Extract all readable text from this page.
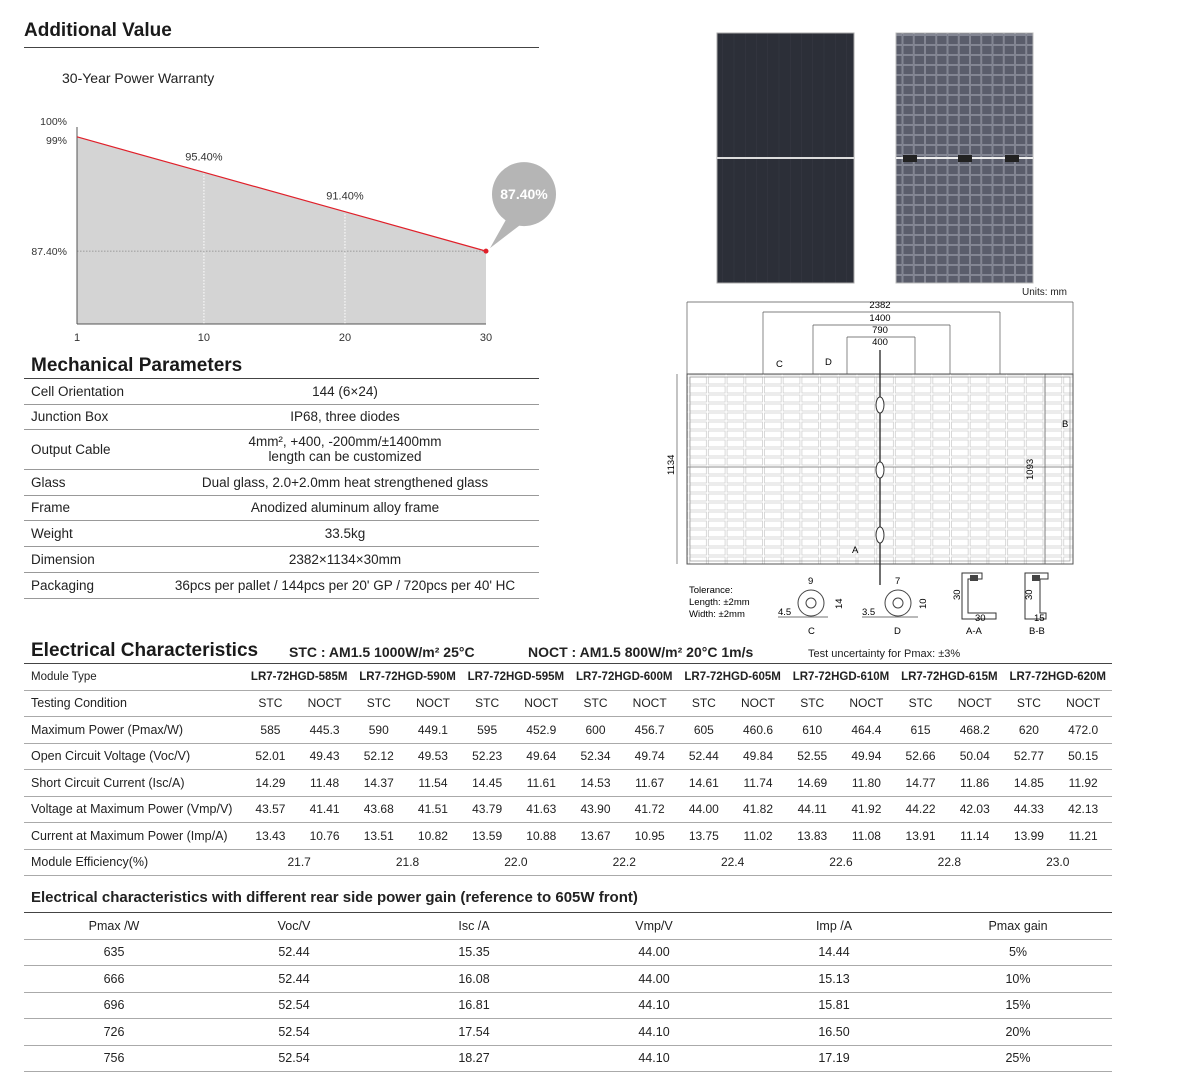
Additional Value
30-Year Power Warranty
87.40%
1	10	20	30
100%
99%
87.40%
95.40%
91.40%
Mechanical Parameters
Cell Orientation	144 (6×24)
Junction Box	IP68, three diodes
Output Cable	4mm², +400, -200mm/±1400mm
length can be customized
Glass	Dual glass, 2.0+2.0mm heat strengthened glass
Frame	Anodized aluminum alloy frame
Weight	33.5kg
Dimension	2382×1134×30mm
Packaging	36pcs per pallet / 144pcs per 20' GP / 720pcs per 40' HC
Units: mm
2382
1400
790
400
1134	1093
B
C	D
A
Tolerance:
Length: ±2mm
Width: ±2mm
9
4.5
14
C
7
3.5
10
D
30
30
A-A
30
15
B-B
Electrical Characteristics STC : AM1.5 1000W/m² 25°C	NOCT : AM1.5 800W/m² 20°C 1m/s	Test uncertainty for Pmax: ±3%
Module Type	LR7-72HGD-585M		LR7-72HGD-590M		LR7-72HGD-595M		LR7-72HGD-600M		LR7-72HGD-605M		LR7-72HGD-610M		LR7-72HGD-615M		LR7-72HGD-620M	
Testing Condition	STC	NOCT	STC	NOCT	STC	NOCT	STC	NOCT	STC	NOCT	STC	NOCT	STC	NOCT	STC	NOCT
Maximum Power (Pmax/W)	585	445.3	590	449.1	595	452.9	600	456.7	605	460.6	610	464.4	615	468.2	620	472.0
Open Circuit Voltage (Voc/V)	52.01	49.43	52.12	49.53	52.23	49.64	52.34	49.74	52.44	49.84	52.55	49.94	52.66	50.04	52.77	50.15
Short Circuit Current (Isc/A)	14.29	11.48	14.37	11.54	14.45	11.61	14.53	11.67	14.61	11.74	14.69	11.80	14.77	11.86	14.85	11.92
Voltage at Maximum Power (Vmp/V)	43.57	41.41	43.68	41.51	43.79	41.63	43.90	41.72	44.00	41.82	44.11	41.92	44.22	42.03	44.33	42.13
Current at Maximum Power (Imp/A)	13.43	10.76	13.51	10.82	13.59	10.88	13.67	10.95	13.75	11.02	13.83	11.08	13.91	11.14	13.99	11.21
Module Efficiency(%)	21.7		21.8		22.0		22.2		22.4		22.6		22.8		23.0	
Electrical characteristics with different rear side power gain (reference to 605W front)
Pmax /W	Voc/V	Isc /A	Vmp/V	Imp /A	Pmax gain
635	52.44	15.35	44.00	14.44	5%
666	52.44	16.08	44.00	15.13	10%
696	52.54	16.81	44.10	15.81	15%
726	52.54	17.54	44.10	16.50	20%
756	52.54	18.27	44.10	17.19	25%
